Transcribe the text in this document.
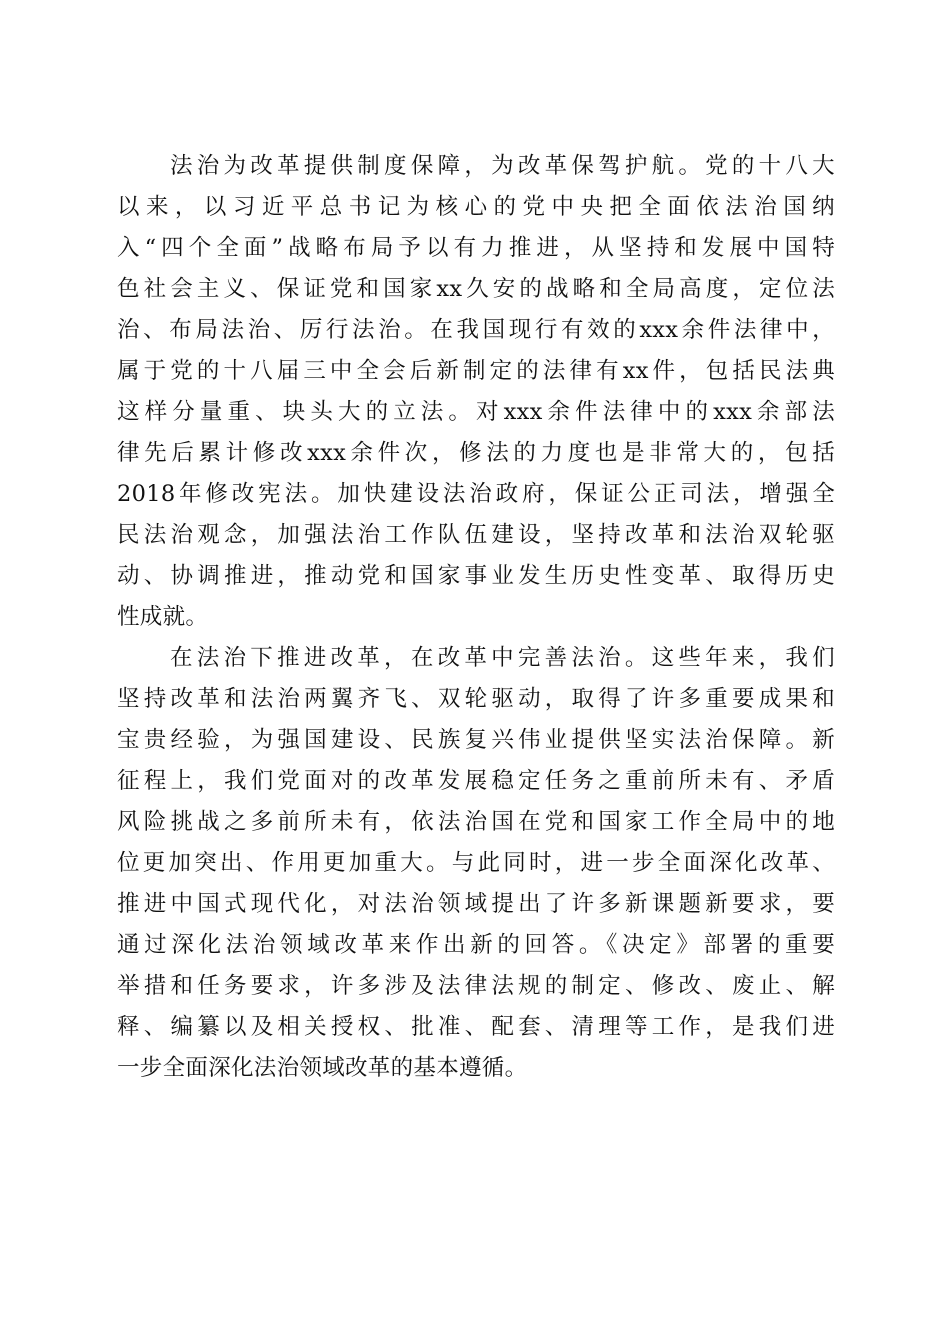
法治为改革提供制度保障，为改革保驾护航。党的十八大
以来，以习近平总书记为核心的党中央把全面依法治国纳
入“四个全面”战略布局予以有力推进，从坚持和发展中国特
色社会主义、保证党和国家xx久安的战略和全局高度，定位法
治、布局法治、厉行法治。在我国现行有效的xxx余件法律中，
属于党的十八届三中全会后新制定的法律有xx件，包括民法典
这样分量重、块头大的立法。对xxx余件法律中的xxx余部法
律先后累计修改xxx余件次，修法的力度也是非常大的，包括
2018年修改宪法。加快建设法治政府，保证公正司法，增强全
民法治观念，加强法治工作队伍建设，坚持改革和法治双轮驱
动、协调推进，推动党和国家事业发生历史性变革、取得历史
性成就。
在法治下推进改革，在改革中完善法治。这些年来，我们
坚持改革和法治两翼齐飞、双轮驱动，取得了许多重要成果和
宝贵经验，为强国建设、民族复兴伟业提供坚实法治保障。新
征程上，我们党面对的改革发展稳定任务之重前所未有、矛盾
风险挑战之多前所未有，依法治国在党和国家工作全局中的地
位更加突出、作用更加重大。与此同时，进一步全面深化改革、
推进中国式现代化，对法治领域提出了许多新课题新要求，要
通过深化法治领域改革来作出新的回答。《决定》部署的重要
举措和任务要求，许多涉及法律法规的制定、修改、废止、解
释、编纂以及相关授权、批准、配套、清理等工作，是我们进
一步全面深化法治领域改革的基本遵循。
